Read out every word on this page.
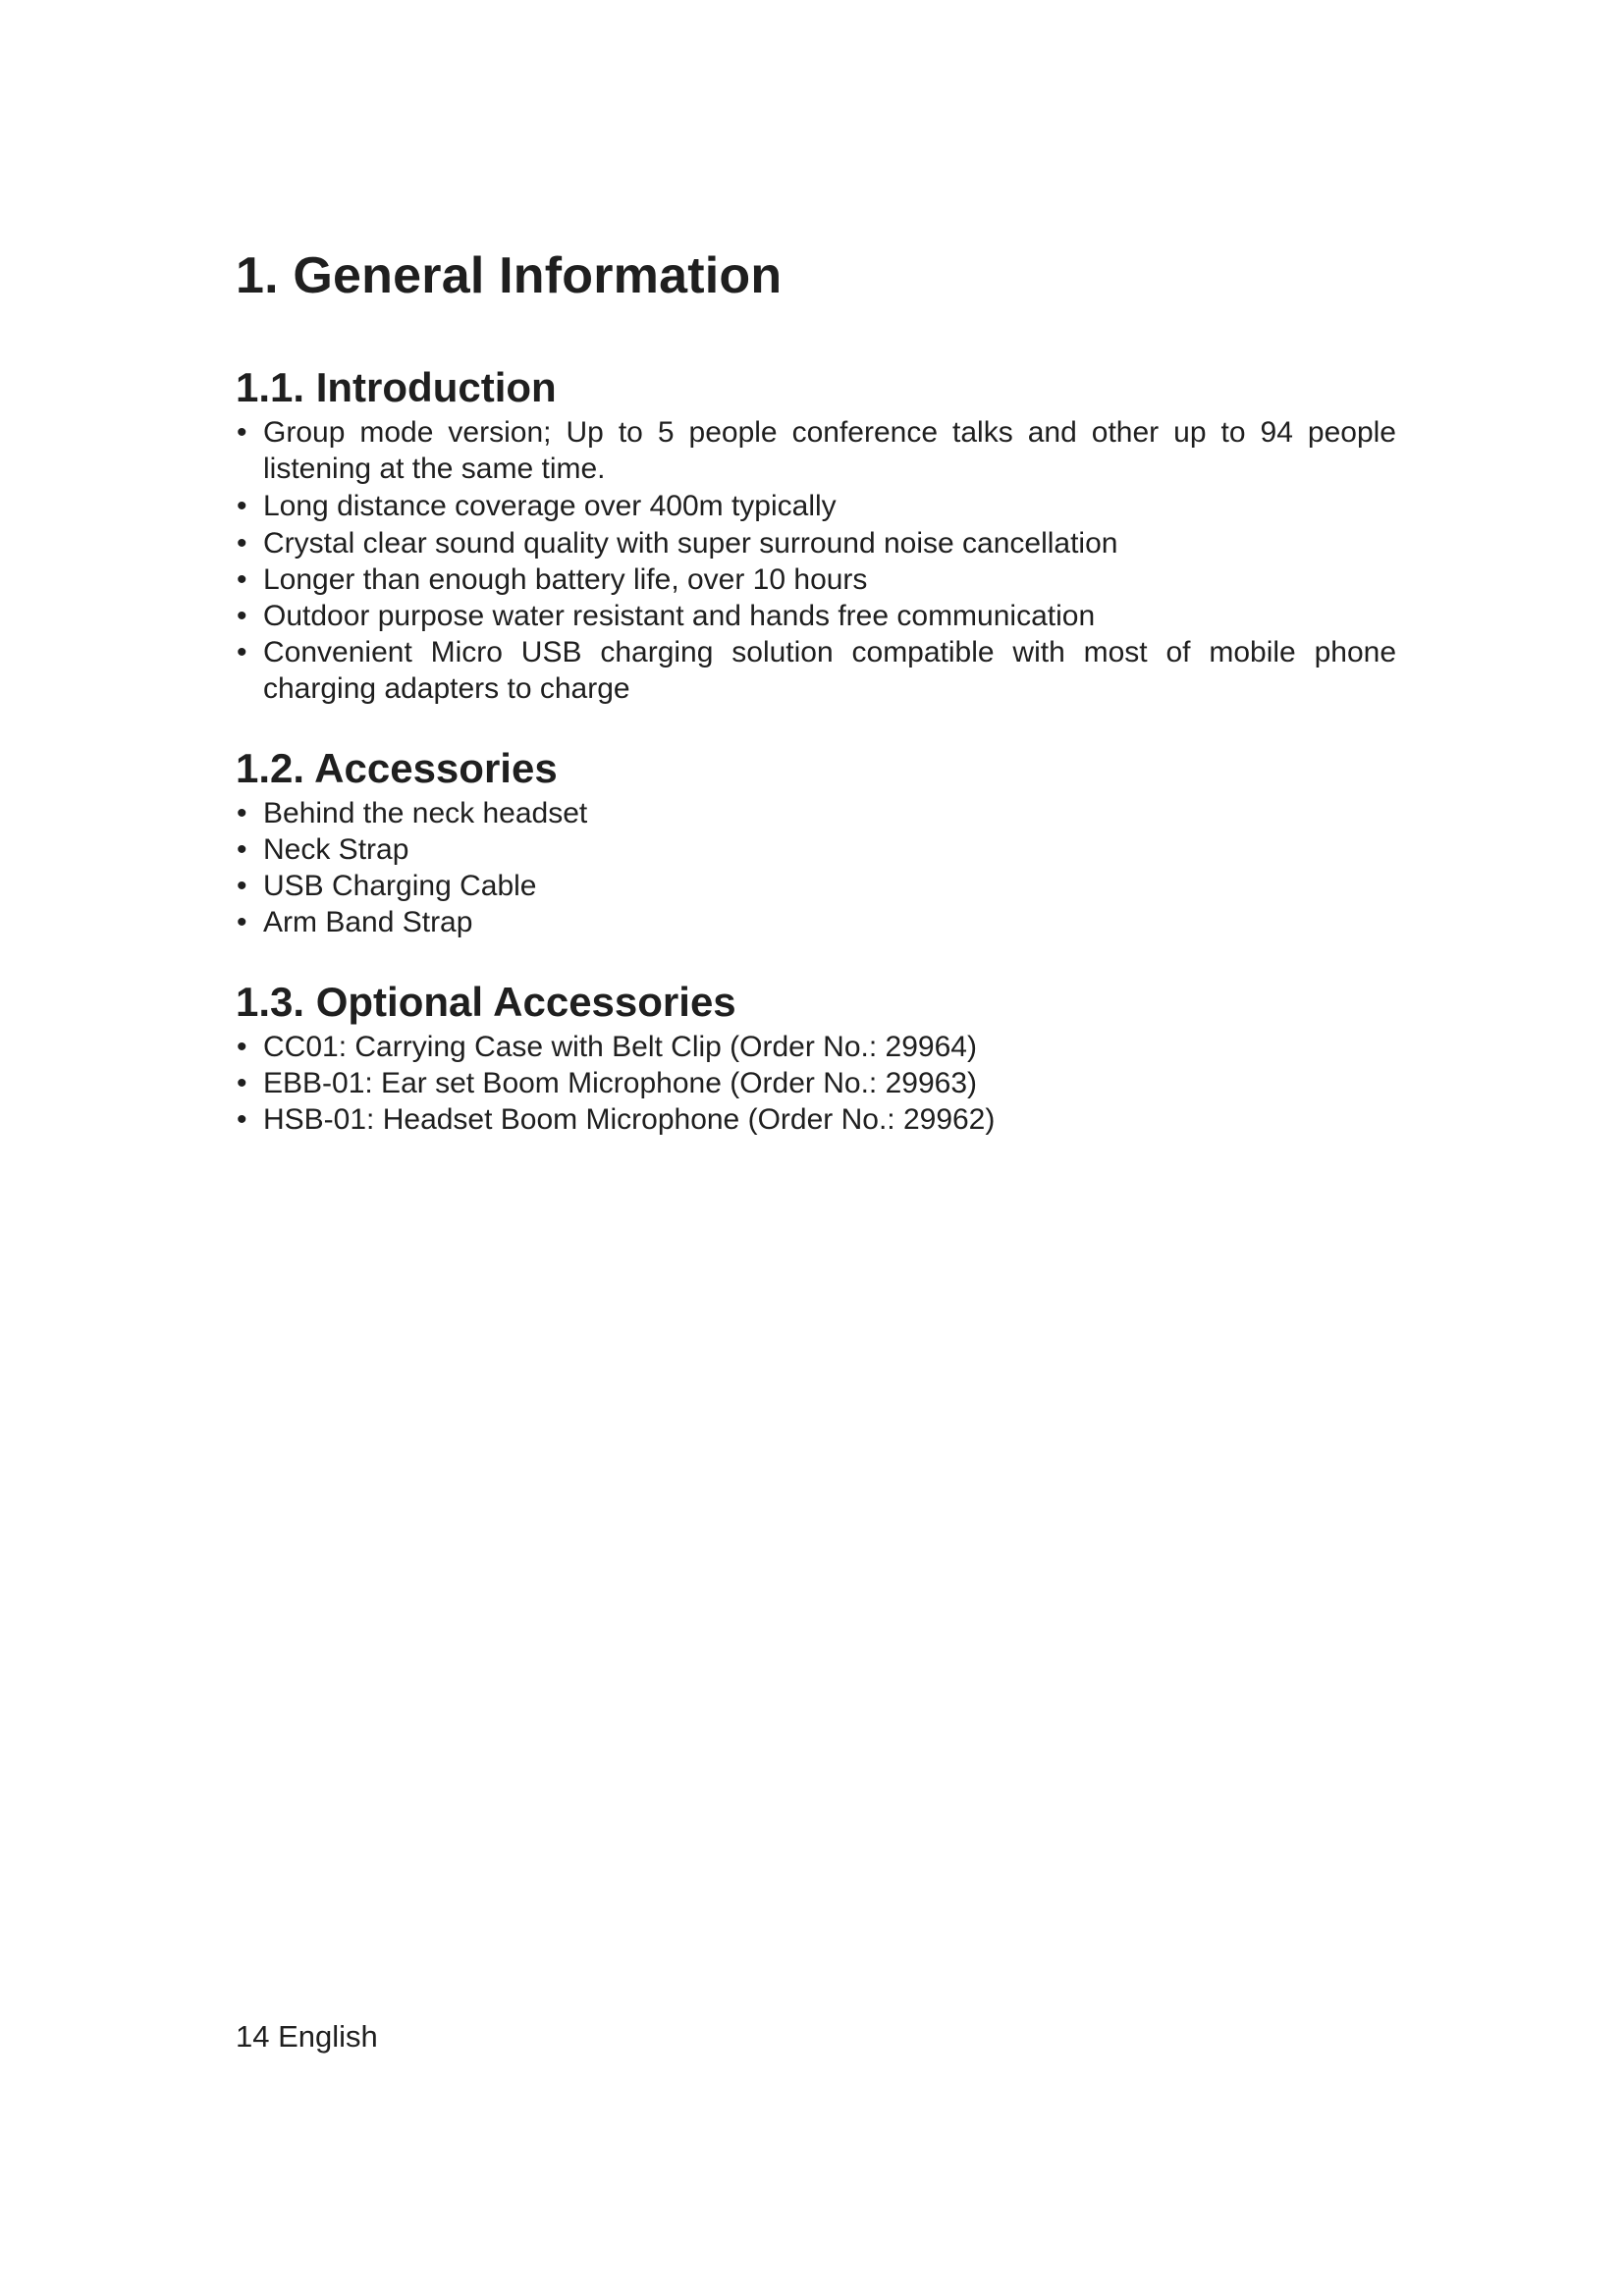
1. General Information
1.1. Introduction
• Group mode version; Up to 5 people conference talks and other up to 94 people listening at the same time.
• Long distance coverage over 400m typically
• Crystal clear sound quality with super surround noise cancellation
• Longer than enough battery life, over 10 hours
• Outdoor purpose water resistant and hands free communication
• Convenient Micro USB charging solution compatible with most of mobile phone charging adapters to charge
1.2. Accessories
• Behind the neck headset
• Neck Strap
• USB Charging Cable
• Arm Band Strap
1.3. Optional Accessories
• CC01: Carrying Case with Belt Clip (Order No.: 29964)
• EBB-01: Ear set Boom Microphone (Order No.: 29963)
• HSB-01: Headset Boom Microphone (Order No.: 29962)
14 English
